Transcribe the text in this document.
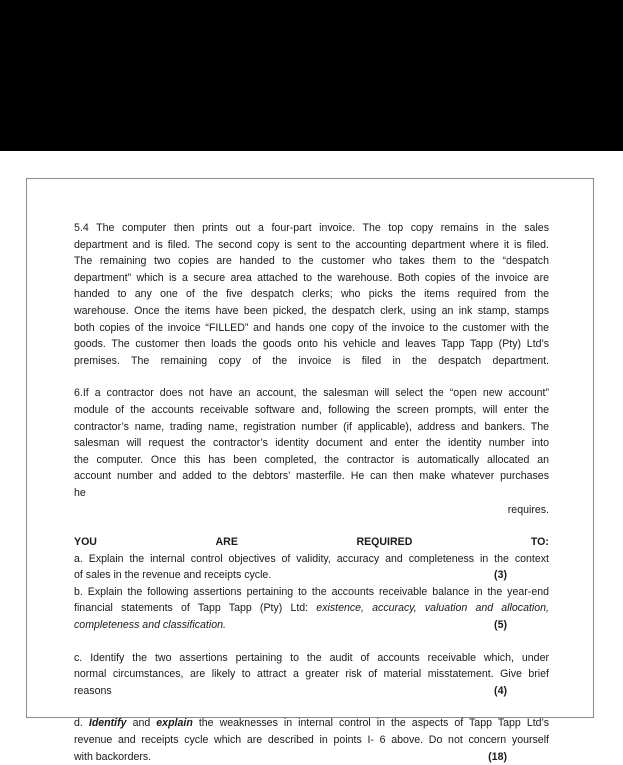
5.4 The computer then prints out a four-part invoice. The top copy remains in the sales

department and is filed. The second copy is sent to the accounting department where it is filed.

The remaining two copies are handed to the customer who takes them to the “despatch

department” which is a secure area attached to the warehouse. Both copies of the invoice are

handed to any one of the five despatch clerks; who picks the items required from the

warehouse. Once the items have been picked, the despatch clerk, using an ink stamp, stamps

both copies of the invoice “FILLED” and hands one copy of the invoice to the customer with the

goods. The customer then loads the goods onto his vehicle and leaves Tapp Tapp (Pty) Ltd’s

premises. The remaining copy of the invoice is filed in the despatch department.

6.If a contractor does not have an account, the salesman will select the “open new account”

module of the accounts receivable software and, following the screen prompts, will enter the

contractor’s name, trading name, registration number (if applicable), address and bankers. The

salesman will request the contractor’s identity document and enter the identity number into

the computer. Once this has been completed, the contractor is automatically allocated an

account number and added to the debtors’ masterfile. He can then make whatever purchases

he

requires.

YOU	ARE	REQUIRED	TO:

a. Explain the internal control objectives of validity, accuracy and completeness in the context

of sales in the revenue and receipts cycle.	(3)

b. Explain the following assertions pertaining to the accounts receivable balance in the year-end

financial statements of Tapp Tapp (Pty) Ltd: existence, accuracy, valuation and allocation,

completeness and classification.	(5)

c. Identify the two assertions pertaining to the audit of accounts receivable which, under

normal circumstances, are likely to attract a greater risk of material misstatement. Give brief

reasons	(4)

d. Identify and explain the weaknesses in internal control in the aspects of Tapp Tapp Ltd’s

revenue and receipts cycle which are described in points I- 6 above. Do not concern yourself

with backorders.	(18)
